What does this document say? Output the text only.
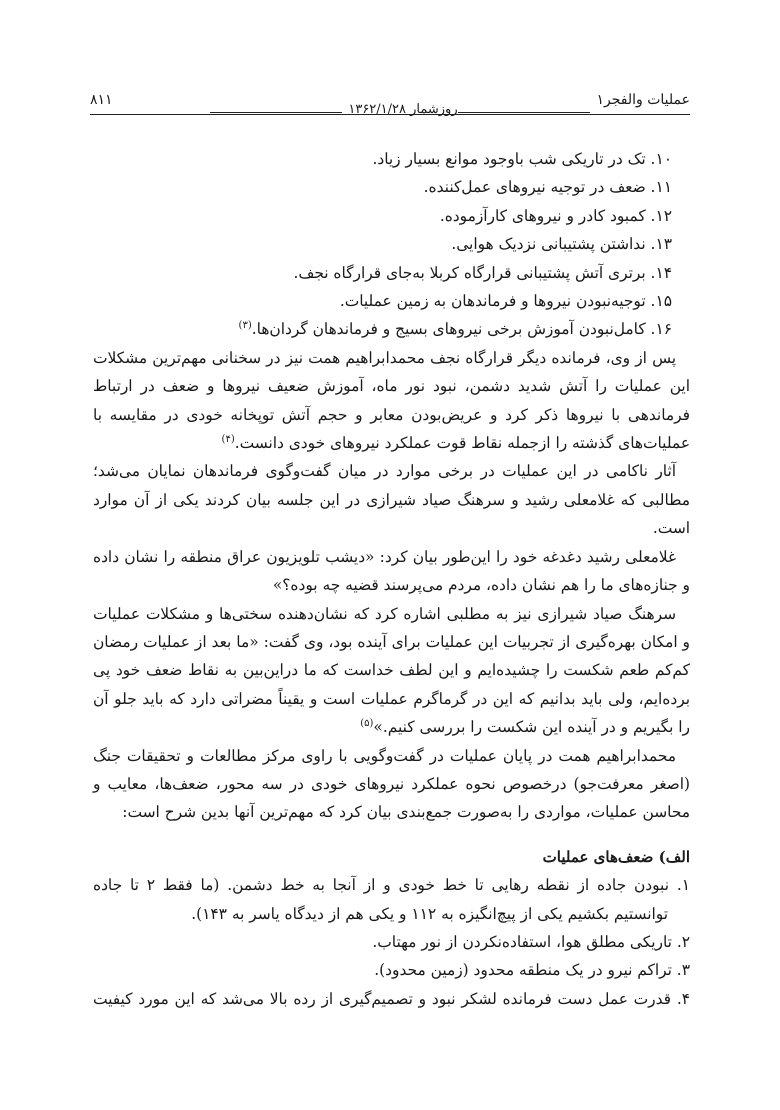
عملیات والفجر۱
روزشمار ۱۳۶۲/۱/۲۸
۸۱۱
۱۰. تک در تاریکی شب باوجود موانع بسیار زیاد.
۱۱. ضعف در توجیه نیروهای عمل‌کننده.
۱۲. کمبود کادر و نیروهای کارآزموده.
۱۳. نداشتن پشتیبانی نزدیک هوایی.
۱۴. برتری آتش پشتیبانی قرارگاه کربلا به‌جای قرارگاه نجف.
۱۵. توجیه‌نبودن نیروها و فرماندهان به زمین عملیات.
۱۶. کامل‌نبودن آموزش برخی نیروهای بسیج و فرماندهان گردان‌ها.$^{(۳)}$

پس از وی، فرمانده دیگر قرارگاه نجف محمدابراهیم همت نیز در سخنانی مهم‌ترین مشکلات این عملیات را آتش شدید دشمن، نبود نور ماه، آموزش ضعیف نیروها و ضعف در ارتباط فرماندهی با نیروها ذکر کرد و عریض‌بودن معابر و حجم آتش توپخانه خودی در مقایسه با عملیات‌های گذشته را ازجمله نقاط قوت عملکرد نیروهای خودی دانست.$^{(۴)}$

آثار ناکامی در این عملیات در برخی موارد در میان گفت‌وگوی فرماندهان نمایان می‌شد؛ مطالبی که غلامعلی رشید و سرهنگ صیاد شیرازی در این جلسه بیان کردند یکی از آن موارد است.

غلامعلی رشید دغدغه خود را این‌طور بیان کرد: «دیشب تلویزیون عراق منطقه را نشان داده و جنازه‌های ما را هم نشان داده، مردم می‌پرسند قضیه چه بوده؟»

سرهنگ صیاد شیرازی نیز به مطلبی اشاره کرد که نشان‌دهنده سختی‌ها و مشکلات عملیات و امکان بهره‌گیری از تجربیات این عملیات برای آینده بود، وی گفت: «ما بعد از عملیات رمضان کم‌کم طعم شکست را چشیده‌ایم و این لطف خداست که ما دراین‌بین به نقاط ضعف خود پی برده‌ایم، ولی باید بدانیم که این در گرماگرم عملیات است و یقیناً مضراتی دارد که باید جلو آن را بگیریم و در آینده این شکست را بررسی کنیم.»$^{(۵)}$

محمدابراهیم همت در پایان عملیات در گفت‌وگویی با راوی مرکز مطالعات و تحقیقات جنگ (اصغر معرفت‌جو) درخصوص نحوه عملکرد نیروهای خودی در سه محور، ضعف‌ها، معایب و محاسن عملیات، مواردی را به‌صورت جمع‌بندی بیان کرد که مهم‌ترین آنها بدین شرح است:

الف) ضعف‌های عملیات
۱. نبودن جاده از نقطه رهایی تا خط خودی و از آنجا به خط دشمن. (ما فقط ۲ تا جاده
توانستیم بکشیم یکی از پیچ‌انگیزه به ۱۱۲ و یکی هم از دیدگاه یاسر به ۱۴۳).
۲. تاریکی مطلق هوا، استفاده‌نکردن از نور مهتاب.
۳. تراکم نیرو در یک منطقه محدود (زمین محدود).
۴. قدرت عمل دست فرمانده لشکر نبود و تصمیم‌گیری از رده بالا می‌شد که این مورد کیفیت
